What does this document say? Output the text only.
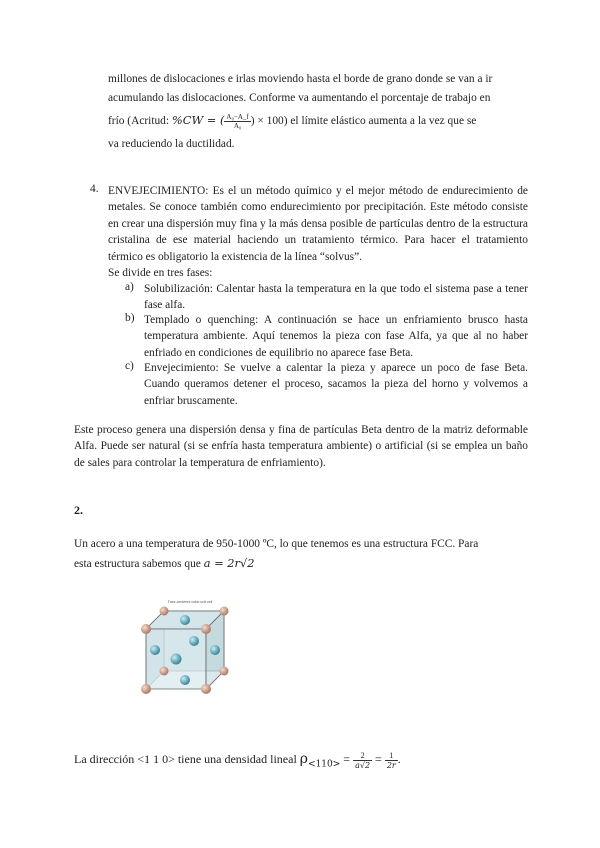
millones de dislocaciones e irlas moviendo hasta el borde de grano donde se van a ir
acumulando las dislocaciones. Conforme va aumentando el porcentaje de trabajo en
frío (Acritud: %CW = ( $\frac{\text{A₀−A\_f}}{\text{A₀}}$ ) × 100) el límite elástico aumenta a la vez que se
va reduciendo la ductilidad.
4. ENVEJECIMIENTO: Es el un método químico y el mejor método de endurecimiento de metales. Se conoce también como endurecimiento por precipitación. Este método consiste en crear una dispersión muy fina y la más densa posible de partículas dentro de la estructura cristalina de ese material haciendo un tratamiento térmico. Para hacer el tratamiento térmico es obligatorio la existencia de la línea “solvus”.
Se divide en tres fases:
a) Solubilización: Calentar hasta la temperatura en la que todo el sistema pase a tener fase alfa.
b) Templado o quenching: A continuación se hace un enfriamiento brusco hasta temperatura ambiente. Aquí tenemos la pieza con fase Alfa, ya que al no haber enfriado en condiciones de equilibrio no aparece fase Beta.
c) Envejecimiento: Se vuelve a calentar la pieza y aparece un poco de fase Beta. Cuando queramos detener el proceso, sacamos la pieza del horno y volvemos a enfriar bruscamente.
Este proceso genera una dispersión densa y fina de partículas Beta dentro de la matriz deformable Alfa. Puede ser natural (si se enfría hasta temperatura ambiente) o artificial (si se emplea un baño de sales para controlar la temperatura de enfriamiento).
2.
Un acero a una temperatura de 950-1000 ºC, lo que tenemos es una estructura FCC. Para
esta estructura sabemos que a = 2r√2
Face-centered cubic unit cell
La dirección <1 1 0> tiene una densidad lineal $\rho_{<110>} = \frac{2}{a√2} = \frac{1}{2r}$ .
